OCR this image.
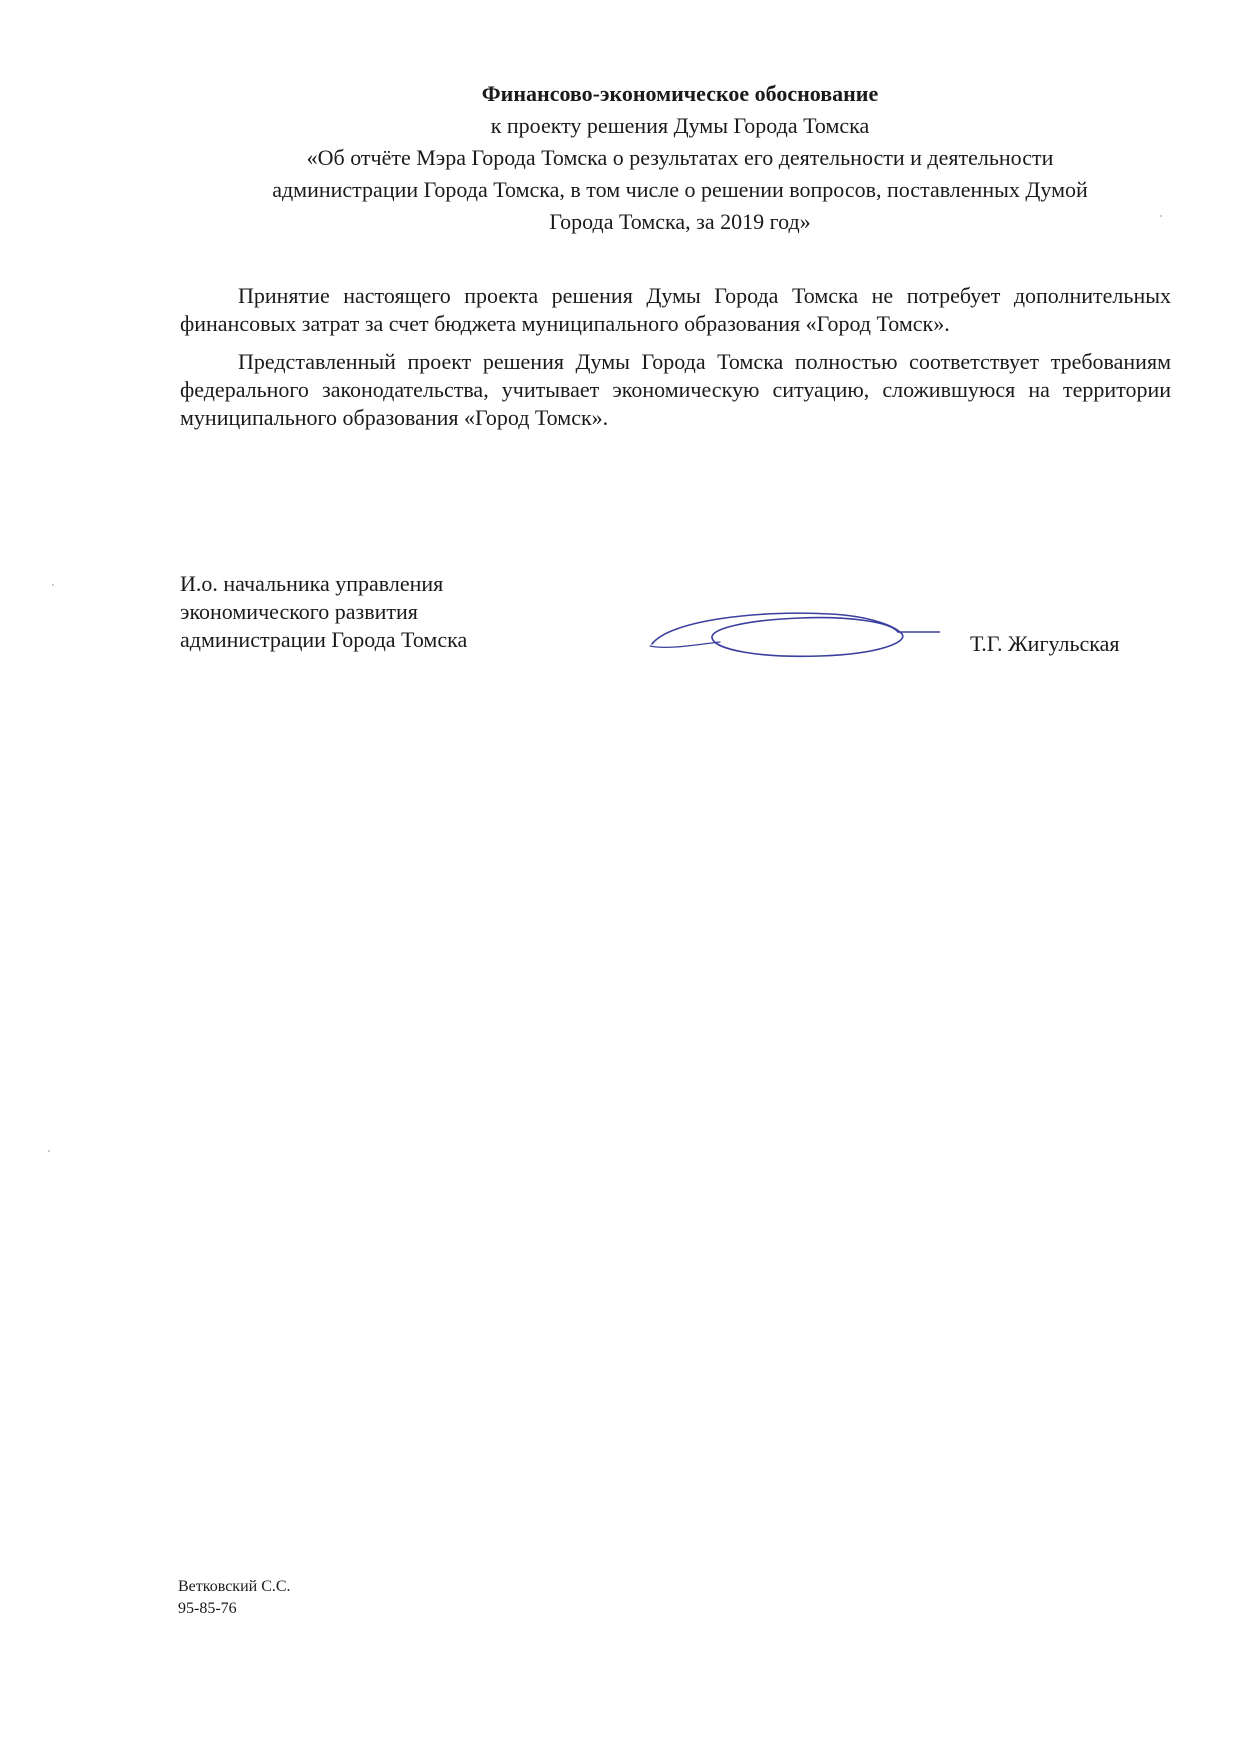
Финансово-экономическое обоснование
к проекту решения Думы Города Томска
«Об отчёте Мэра Города Томска о результатах его деятельности и деятельности
администрации Города Томска, в том числе о решении вопросов, поставленных Думой
Города Томска, за 2019 год»

Принятие настоящего проекта решения Думы Города Томска не потребует дополнительных финансовых затрат за счет бюджета муниципального образования «Город Томск».

Представленный проект решения Думы Города Томска полностью соответствует требованиям федерального законодательства, учитывает экономическую ситуацию, сложившуюся на территории муниципального образования «Город Томск».

И.о. начальника управления
экономического развития
администрации Города Томска	Т.Г. Жигульская
Ветковский С.С.
95-85-76
